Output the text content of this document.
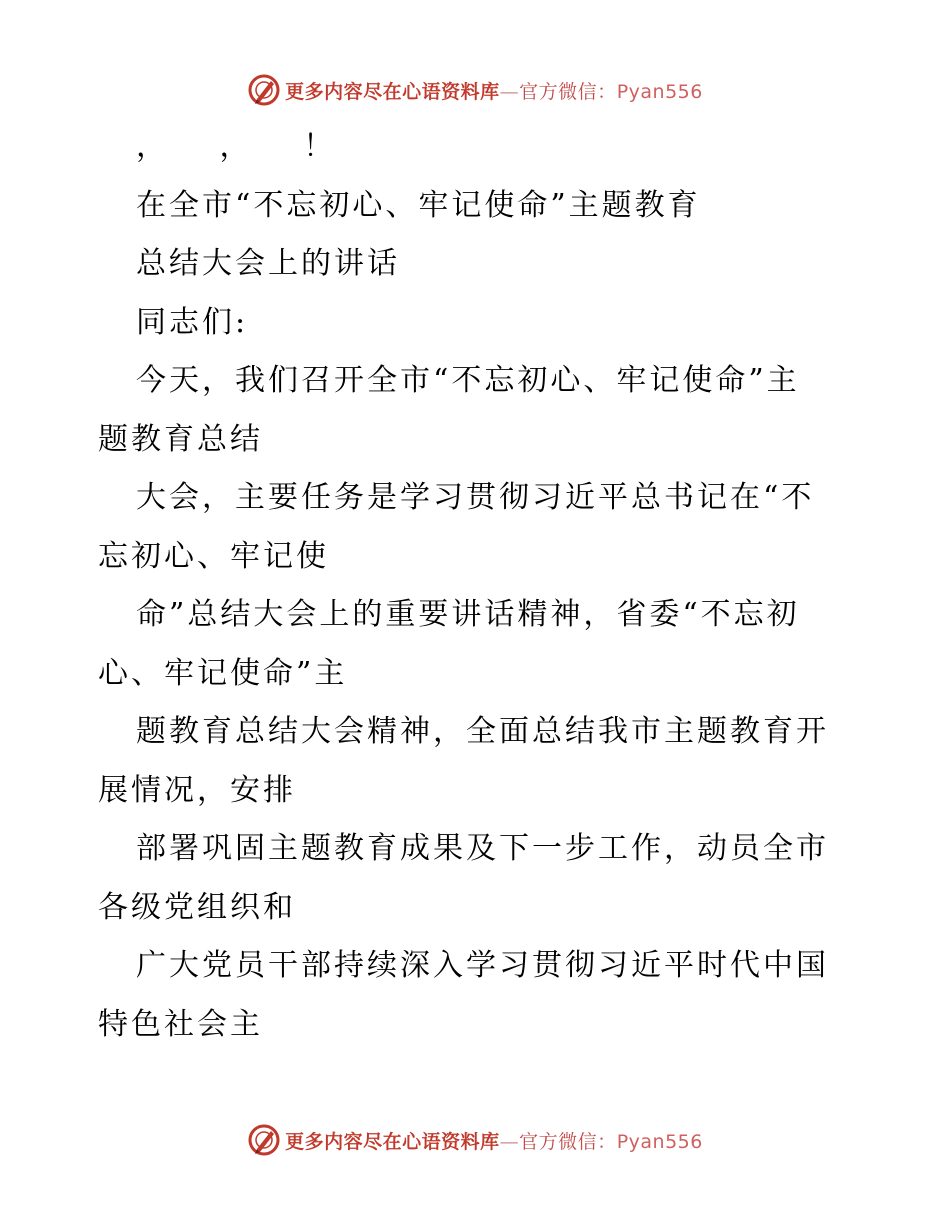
更多内容尽在心语资料库—官方微信：Pyan556
， ， ！
在全市“不忘初心、牢记使命”主题教育
总结大会上的讲话
同志们:
今天，我们召开全市“不忘初心、牢记使命”主
题教育总结
大会，主要任务是学习贯彻习近平总书记在“不
忘初心、牢记使
命”总结大会上的重要讲话精神，省委“不忘初
心、牢记使命”主
题教育总结大会精神，全面总结我市主题教育开
展情况，安排
部署巩固主题教育成果及下一步工作，动员全市
各级党组织和
广大党员干部持续深入学习贯彻习近平时代中国
特色社会主
更多内容尽在心语资料库—官方微信：Pyan556
